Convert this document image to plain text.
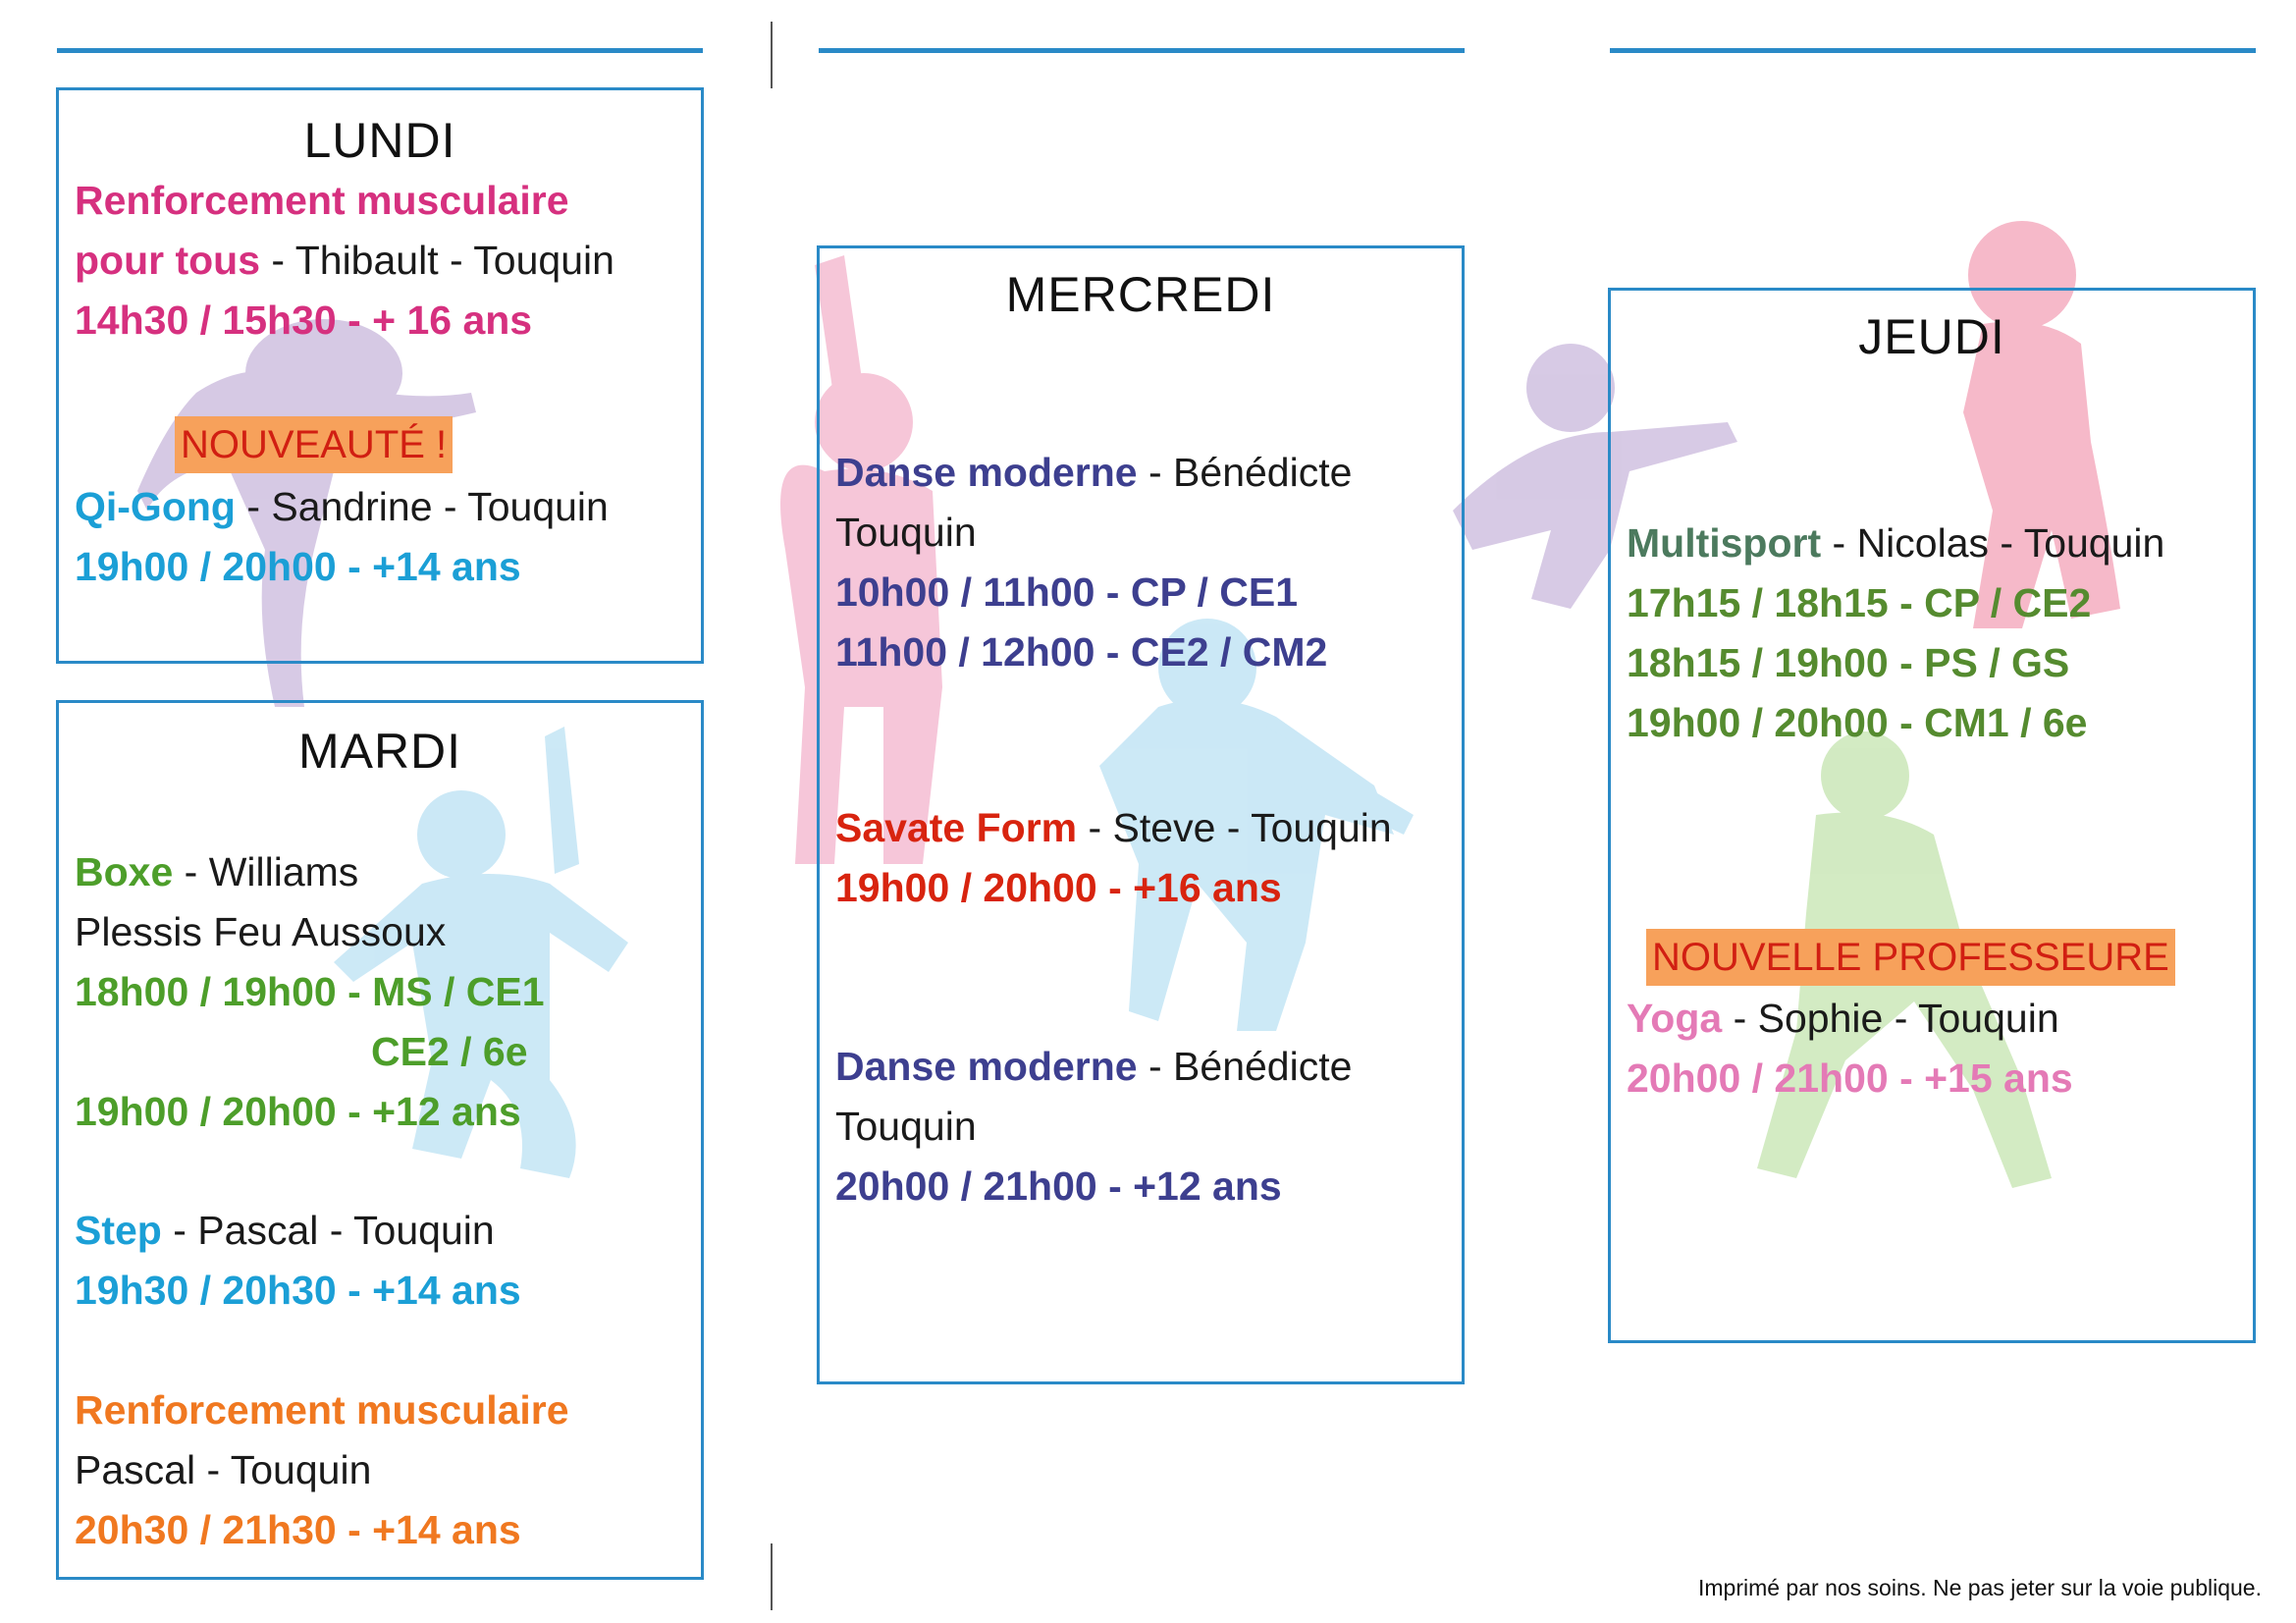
LUNDI
Renforcement musculaire
pour tous - Thibault - Touquin
14h30 / 15h30 - + 16 ans
NOUVEAUTÉ !
Qi-Gong - Sandrine - Touquin
19h00 / 20h00 - +14 ans
MARDI
Boxe - Williams
Plessis Feu Aussoux
18h00 / 19h00 - MS / CE1
CE2 / 6e
19h00 / 20h00 - +12 ans
Step - Pascal - Touquin
19h30 / 20h30 - +14 ans
Renforcement musculaire
Pascal - Touquin
20h30 / 21h30 - +14 ans
MERCREDI
Danse moderne - Bénédicte
Touquin
10h00 / 11h00 - CP / CE1
11h00 / 12h00 - CE2 / CM2
Savate Form - Steve - Touquin
19h00 / 20h00 - +16 ans
Danse moderne - Bénédicte
Touquin
20h00 / 21h00 - +12 ans
JEUDI
Multisport - Nicolas - Touquin
17h15 / 18h15 - CP / CE2
18h15 / 19h00 - PS / GS
19h00 / 20h00 - CM1 / 6e
NOUVELLE PROFESSEURE
Yoga - Sophie - Touquin
20h00 / 21h00 - +15 ans
Imprimé par nos soins. Ne pas jeter sur la voie publique.
